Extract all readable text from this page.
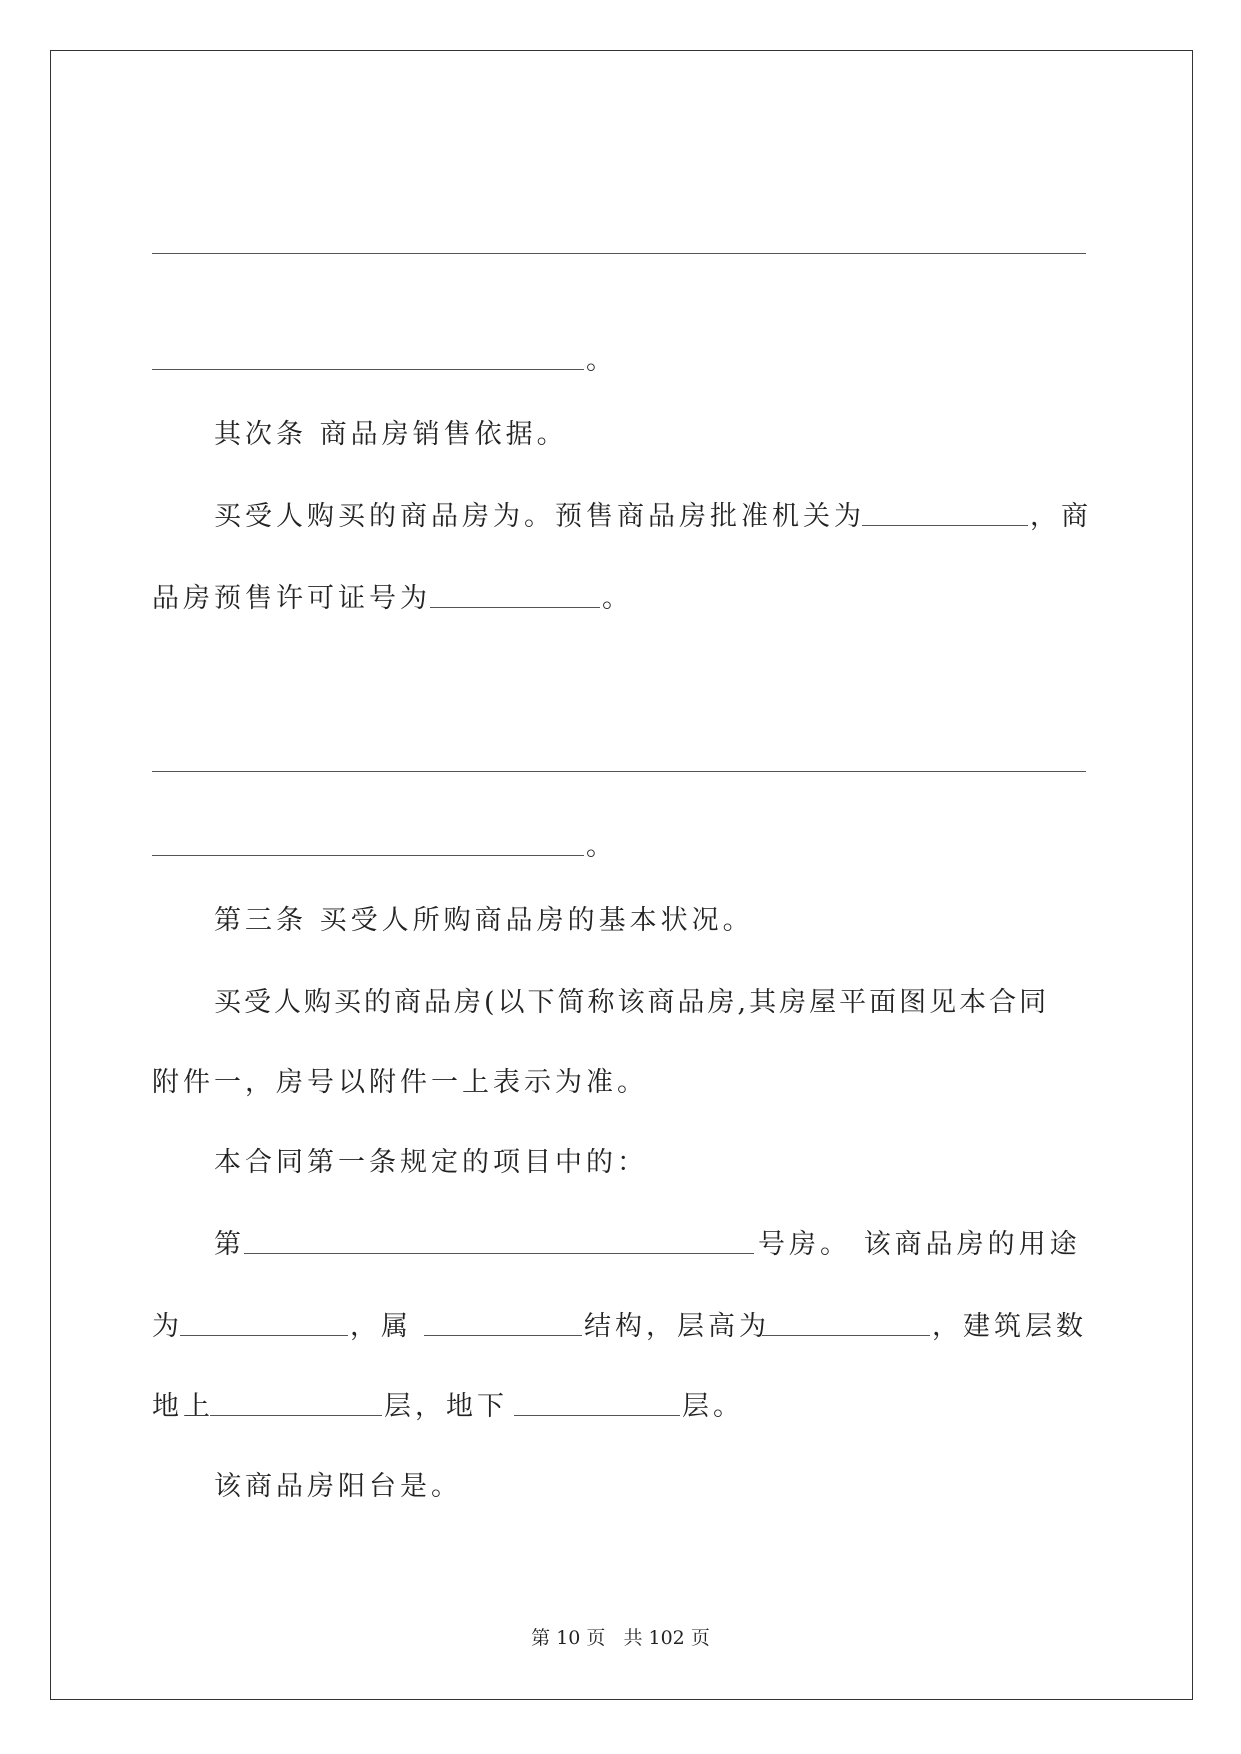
。
其次条 商品房销售依据。
买受人购买的商品房为。预售商品房批准机关为	，商
品房预售许可证号为	。
。
第三条 买受人所购商品房的基本状况。
买受人购买的商品房(以下简称该商品房,其房屋平面图见本合同
附件一，房号以附件一上表示为准。
本合同第一条规定的项目中的：
第	号房。 该商品房的用途
为	，属	结构，层高为	，建筑层数
地上	层，地下	层。
该商品房阳台是。
第 10 页 共 102 页
